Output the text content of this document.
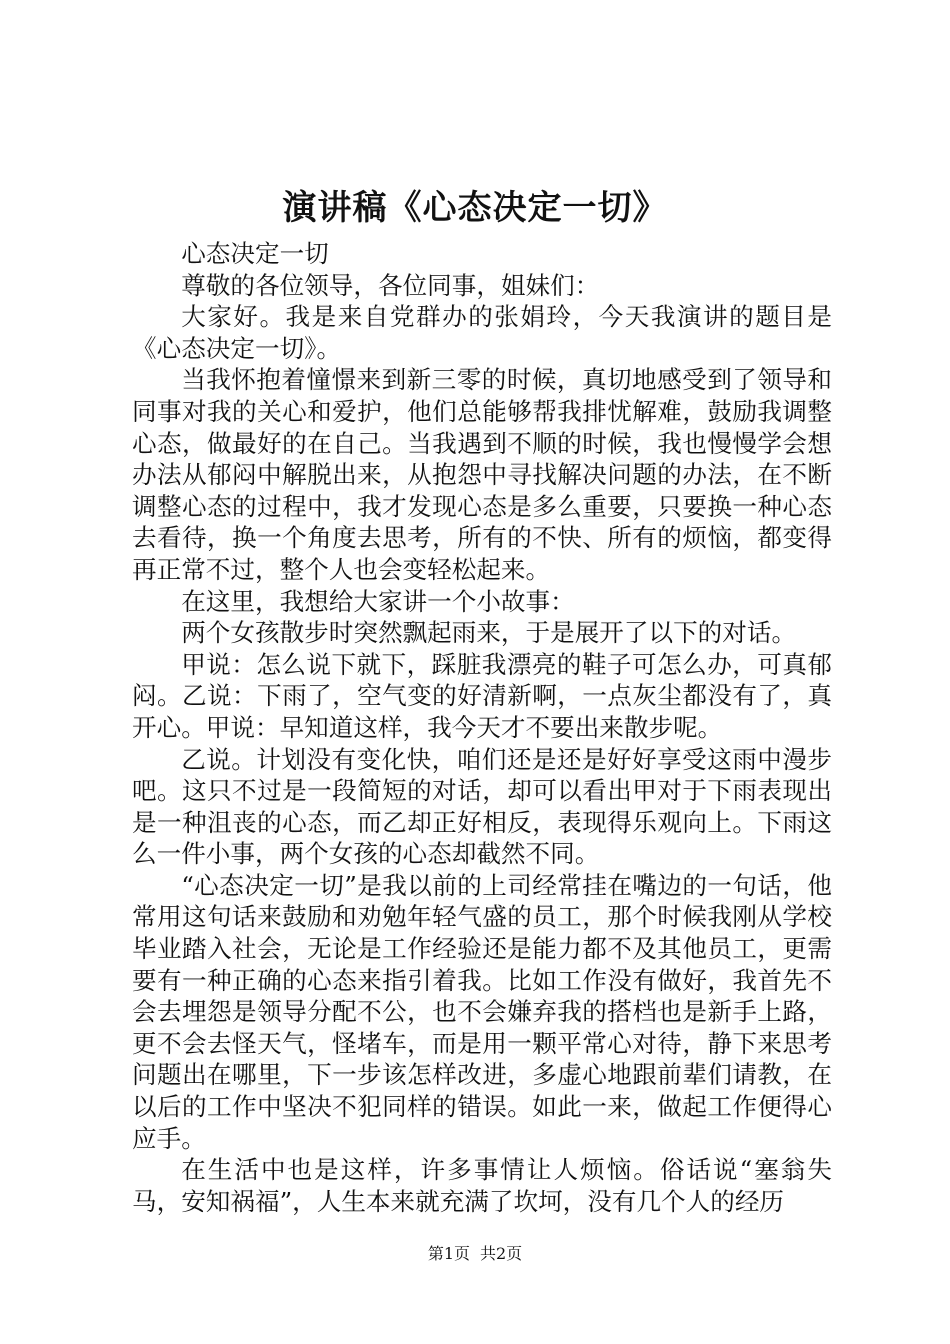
演讲稿《心态决定一切》

心态决定一切

尊敬的各位领导，各位同事，姐妹们：

大家好。我是来自党群办的张娟玲，今天我演讲的题目是《心态决定一切》。

当我怀抱着憧憬来到新三零的时候，真切地感受到了领导和同事对我的关心和爱护，他们总能够帮我排忧解难，鼓励我调整心态，做最好的在自己。当我遇到不顺的时候，我也慢慢学会想办法从郁闷中解脱出来，从抱怨中寻找解决问题的办法，在不断调整心态的过程中，我才发现心态是多么重要，只要换一种心态去看待，换一个角度去思考，所有的不快、所有的烦恼，都变得再正常不过，整个人也会变轻松起来。

在这里，我想给大家讲一个小故事：

两个女孩散步时突然飘起雨来，于是展开了以下的对话。

甲说：怎么说下就下，踩脏我漂亮的鞋子可怎么办，可真郁闷。乙说：下雨了，空气变的好清新啊，一点灰尘都没有了，真开心。甲说：早知道这样，我今天才不要出来散步呢。

乙说。计划没有变化快，咱们还是还是好好享受这雨中漫步吧。这只不过是一段简短的对话，却可以看出甲对于下雨表现出是一种沮丧的心态，而乙却正好相反，表现得乐观向上。下雨这么一件小事，两个女孩的心态却截然不同。

“心态决定一切”是我以前的上司经常挂在嘴边的一句话，他常用这句话来鼓励和劝勉年轻气盛的员工，那个时候我刚从学校毕业踏入社会，无论是工作经验还是能力都不及其他员工，更需要有一种正确的心态来指引着我。比如工作没有做好，我首先不会去埋怨是领导分配不公，也不会嫌弃我的搭档也是新手上路，更不会去怪天气，怪堵车，而是用一颗平常心对待，静下来思考问题出在哪里，下一步该怎样改进，多虚心地跟前辈们请教，在以后的工作中坚决不犯同样的错误。如此一来，做起工作便得心应手。

在生活中也是这样，许多事情让人烦恼。俗话说“塞翁失马，安知祸福”，人生本来就充满了坎坷，没有几个人的经历

第1页 共2页
